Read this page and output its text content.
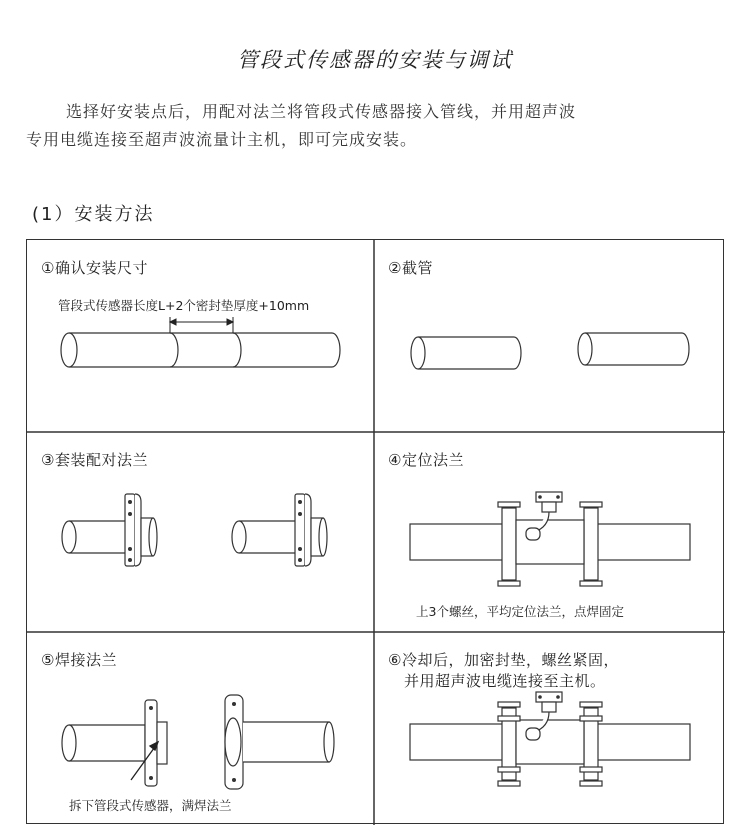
管段式传感器的安装与调试
选择好安装点后，用配对法兰将管段式传感器接入管线，并用超声波
专用电缆连接至超声波流量计主机，即可完成安装。
(1）安装方法
①确认安装尺寸
管段式传感器长度L+2个密封垫厚度+10mm
②截管
③套装配对法兰	④定位法兰
上3个螺丝，平均定位法兰，点焊固定
⑤焊接法兰
拆下管段式传感器，满焊法兰
⑥冷却后，加密封垫，螺丝紧固，
并用超声波电缆连接至主机。
